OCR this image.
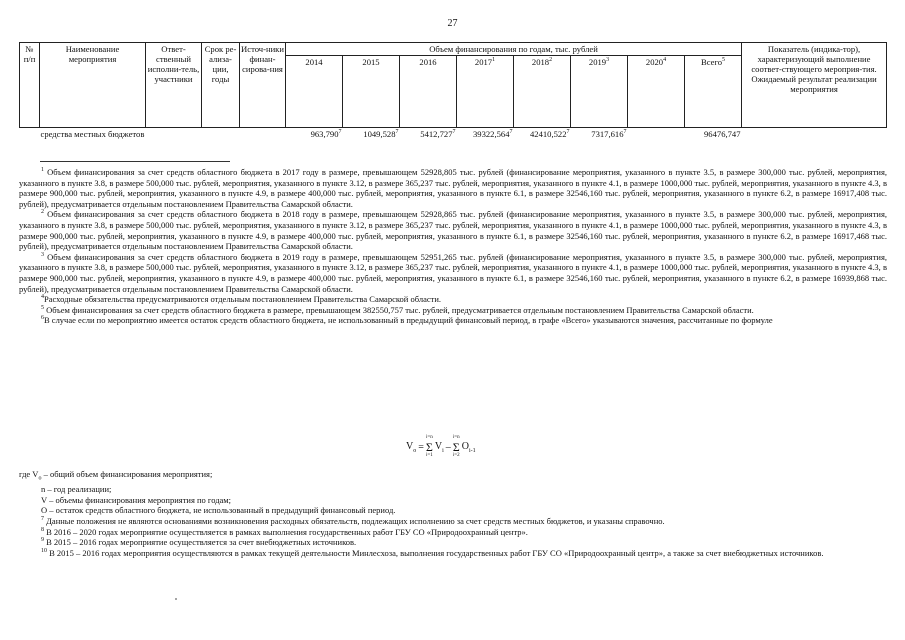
27
№ п/п	Наименование мероприятия	Ответ-ственный исполни-тель, участники	Срок ре-ализа-ции, годы	Источ-ники финан-сирова-ния	Объем финансирования по годам, тыс. рублей								Показатель (индика-тор), характеризующий выполнение соответ-ствующего мероприя-тия. Ожидаемый результат реализации мероприятия
					2014	2015	2016	2017$^1$	2018$^2$	2019$^3$	2020$^4$	Всего$^5$
	средства местных бюджетов				963,790$^7$	1049,528$^7$	5412,727$^7$	39322,564$^7$	42410,522$^7$	7317,616$^7$		96476,747	

$^1$ Объем финансирования за счет средств областного бюджета в 2017 году в размере, превышающем 52928,805 тыс. рублей (финансирование мероприятия, указанного в пункте 3.5, в размере 300,000 тыс. рублей, мероприятия, указанного в пункте 3.8, в размере 500,000 тыс. рублей, мероприятия, указанного в пункте 3.12, в размере 365,237 тыс. рублей, мероприятия, указанного в пункте 4.1, в размере 1000,000 тыс. рублей, мероприятия, указанного в пункте 4.3, в размере 900,000 тыс. рублей, мероприятия, указанного в пункте 4.9, в размере 400,000 тыс. рублей, мероприятия, указанного в пункте 6.1, в размере 32546,160 тыс. рублей, мероприятия, указанного в пункте 6.2, в размере 16917,408 тыс. рублей), предусматривается отдельным постановлением Правительства Самарской области.

$^2$ Объем финансирования за счет средств областного бюджета в 2018 году в размере, превышающем 52928,865 тыс. рублей (финансирование мероприятия, указанного в пункте 3.5, в размере 300,000 тыс. рублей, мероприятия, указанного в пункте 3.8, в размере 500,000 тыс. рублей, мероприятия, указанного в пункте 3.12, в размере 365,237 тыс. рублей, мероприятия, указанного в пункте 4.1, в размере 1000,000 тыс. рублей, мероприятия, указанного в пункте 4.3, в размере 900,000 тыс. рублей, мероприятия, указанного в пункте 4.9, в размере 400,000 тыс. рублей, мероприятия, указанного в пункте 6.1, в размере 32546,160 тыс. рублей, мероприятия, указанного в пункте 6.2, в размере 16917,468 тыс. рублей), предусматривается отдельным постановлением Правительства Самарской области.

$^3$ Объем финансирования за счет средств областного бюджета в 2019 году в размере, превышающем 52951,265 тыс. рублей (финансирование мероприятия, указанного в пункте 3.5, в размере 300,000 тыс. рублей, мероприятия, указанного в пункте 3.8, в размере 500,000 тыс. рублей, мероприятия, указанного в пункте 3.12, в размере 365,237 тыс. рублей, мероприятия, указанного в пункте 4.1, в размере 1000,000 тыс. рублей, мероприятия, указанного в пункте 4.3, в размере 900,000 тыс. рублей, мероприятия, указанного в пункте 4.9, в размере 400,000 тыс. рублей, мероприятия, указанного в пункте 6.1, в размере 32546,160 тыс. рублей, мероприятия, указанного в пункте 6.2, в размере 16939,868 тыс. рублей), предусматривается отдельным постановлением Правительства Самарской области.

$^4$Расходные обязательства предусматриваются отдельным постановлением Правительства Самарской области.

$^5$ Объем финансирования за счет средств областного бюджета в размере, превышающем 382550,757 тыс. рублей, предусматривается отдельным постановлением Правительства Самарской области.

$^6$В случае если по мероприятию имеется остаток средств областного бюджета, не использованный в предыдущий финансовый период, в графе «Всего» указываются значения, рассчитанные по формуле

$V_o$ =
i=n
Σ
i=1
$V_i$ –
i=n
Σ
i=2
$O_{i-1}$

где $V_о$ – общий объем финансирования мероприятия;

n – год реализации;

V – объемы финансирования мероприятия по годам;

O – остаток средств областного бюджета, не использованный в предыдущий финансовый период.

$^7$ Данные положения не являются основаниями возникновения расходных обязательств, подлежащих исполнению за счет средств местных бюджетов, и указаны справочно.

$^8$ В 2016 – 2020 годах мероприятие осуществляется в рамках выполнения государственных работ ГБУ СО «Природоохранный центр».

$^9$ В 2015 – 2016 годах мероприятие осуществляется за счет внебюджетных источников.

$^{10}$ В 2015 – 2016 годах мероприятия осуществляются в рамках текущей деятельности Минлесхоза, выполнения государственных работ ГБУ СО «Природоохранный центр», а также за счет внебюджетных источников.
